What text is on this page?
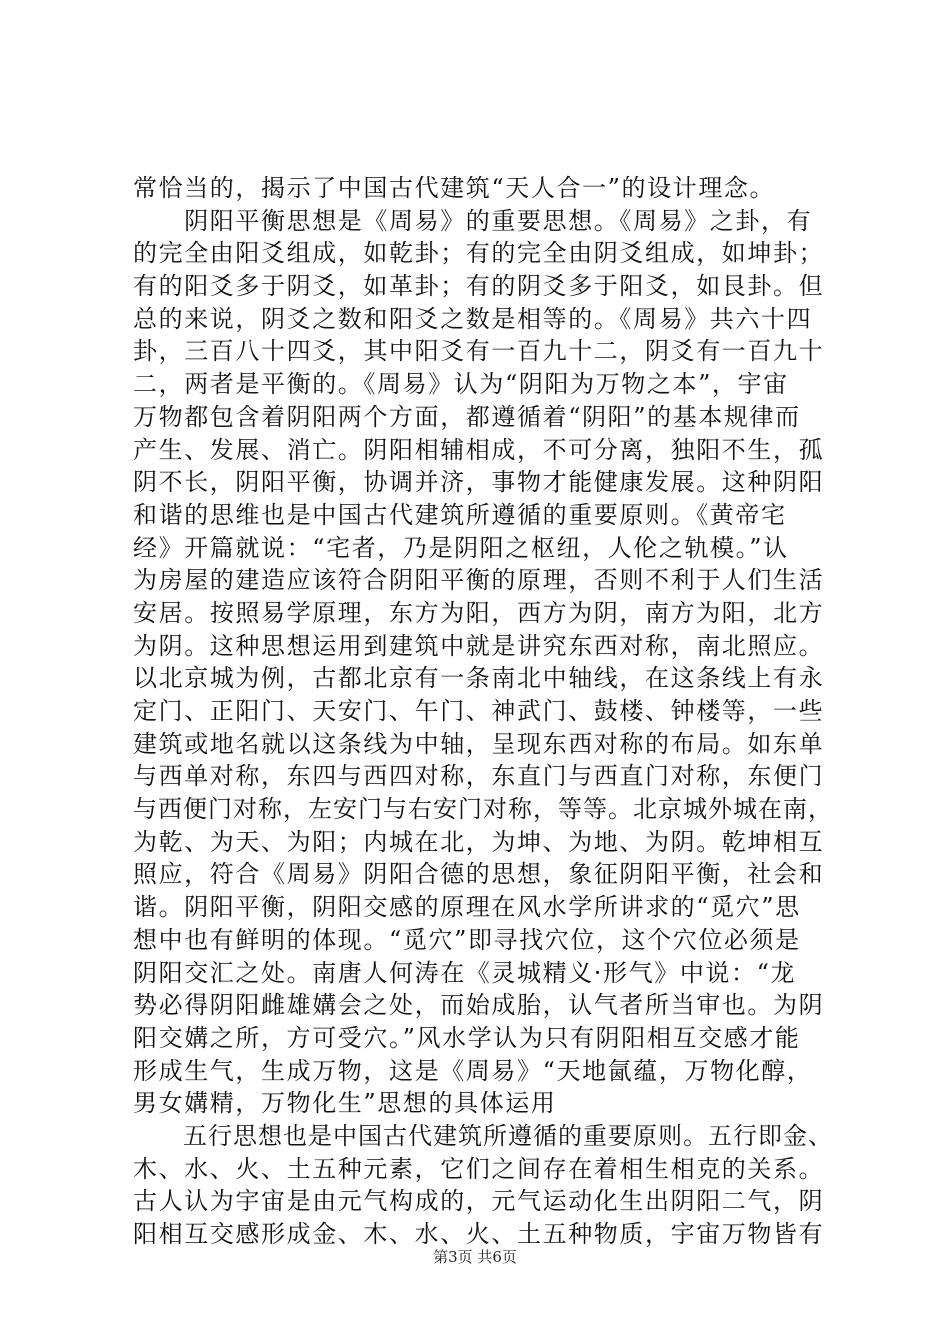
常恰当的，揭示了中国古代建筑“天人合一”的设计理念。
　　阴阳平衡思想是《周易》的重要思想。《周易》之卦，有
的完全由阳爻组成，如乾卦；有的完全由阴爻组成，如坤卦；
有的阳爻多于阴爻，如革卦；有的阴爻多于阳爻，如艮卦。但
总的来说，阴爻之数和阳爻之数是相等的。《周易》共六十四
卦，三百八十四爻，其中阳爻有一百九十二，阴爻有一百九十
二，两者是平衡的。《周易》认为“阴阳为万物之本”，宇宙
万物都包含着阴阳两个方面，都遵循着“阴阳”的基本规律而
产生、发展、消亡。阴阳相辅相成，不可分离，独阳不生，孤
阴不长，阴阳平衡，协调并济，事物才能健康发展。这种阴阳
和谐的思维也是中国古代建筑所遵循的重要原则。《黄帝宅
经》开篇就说：“宅者，乃是阴阳之枢纽，人伦之轨模。”认
为房屋的建造应该符合阴阳平衡的原理，否则不利于人们生活
安居。按照易学原理，东方为阳，西方为阴，南方为阳，北方
为阴。这种思想运用到建筑中就是讲究东西对称，南北照应。
以北京城为例，古都北京有一条南北中轴线，在这条线上有永
定门、正阳门、天安门、午门、神武门、鼓楼、钟楼等，一些
建筑或地名就以这条线为中轴，呈现东西对称的布局。如东单
与西单对称，东四与西四对称，东直门与西直门对称，东便门
与西便门对称，左安门与右安门对称，等等。北京城外城在南，
为乾、为天、为阳；内城在北，为坤、为地、为阴。乾坤相互
照应，符合《周易》阴阳合德的思想，象征阴阳平衡，社会和
谐。阴阳平衡，阴阳交感的原理在风水学所讲求的“觅穴”思
想中也有鲜明的体现。“觅穴”即寻找穴位，这个穴位必须是
阴阳交汇之处。南唐人何涛在《灵城精义·形气》中说：“龙
势必得阴阳雌雄媾会之处，而始成胎，认气者所当审也。为阴
阳交媾之所，方可受穴。”风水学认为只有阴阳相互交感才能
形成生气，生成万物，这是《周易》“天地氤蕴，万物化醇，
男女媾精，万物化生”思想的具体运用
　　五行思想也是中国古代建筑所遵循的重要原则。五行即金、
木、水、火、土五种元素，它们之间存在着相生相克的关系。
古人认为宇宙是由元气构成的，元气运动化生出阴阳二气，阴
阳相互交感形成金、木、水、火、土五种物质，宇宙万物皆有
第3页 共6页
